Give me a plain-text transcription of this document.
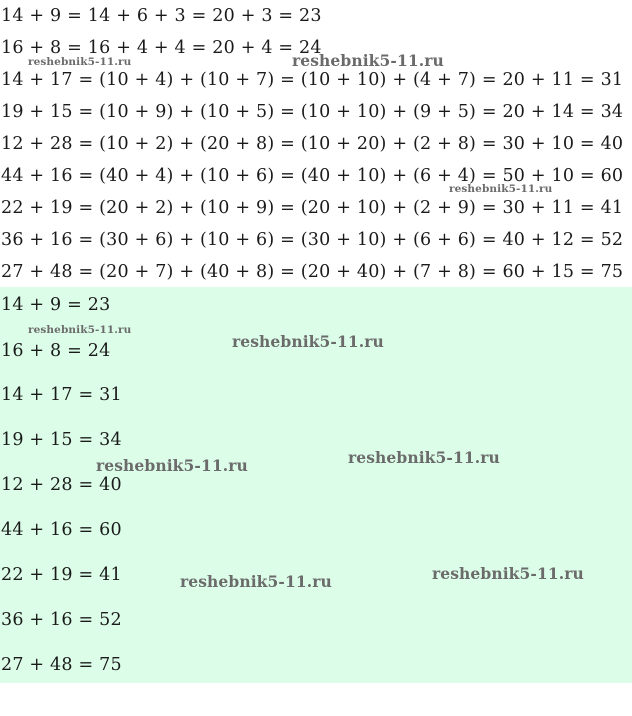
14 + 9 = 14 + 6 + 3 = 20 + 3 = 23
16 + 8 = 16 + 4 + 4 = 20 + 4 = 24
14 + 17 = (10 + 4) + (10 + 7) = (10 + 10) + (4 + 7) = 20 + 11 = 31
19 + 15 = (10 + 9) + (10 + 5) = (10 + 10) + (9 + 5) = 20 + 14 = 34
12 + 28 = (10 + 2) + (20 + 8) = (10 + 20) + (2 + 8) = 30 + 10 = 40
44 + 16 = (40 + 4) + (10 + 6) = (40 + 10) + (6 + 4) = 50 + 10 = 60
22 + 19 = (20 + 2) + (10 + 9) = (20 + 10) + (2 + 9) = 30 + 11 = 41
36 + 16 = (30 + 6) + (10 + 6) = (30 + 10) + (6 + 6) = 40 + 12 = 52
27 + 48 = (20 + 7) + (40 + 8) = (20 + 40) + (7 + 8) = 60 + 15 = 75
14 + 9 = 23
16 + 8 = 24
14 + 17 = 31
19 + 15 = 34
12 + 28 = 40
44 + 16 = 60
22 + 19 = 41
36 + 16 = 52
27 + 48 = 75
reshebnik5-11.ru	reshebnik5-11.ru
reshebnik5-11.ru
reshebnik5-11.ru
reshebnik5-11.ru
reshebnik5-11.ru
reshebnik5-11.ru
reshebnik5-11.ru
reshebnik5-11.ru
